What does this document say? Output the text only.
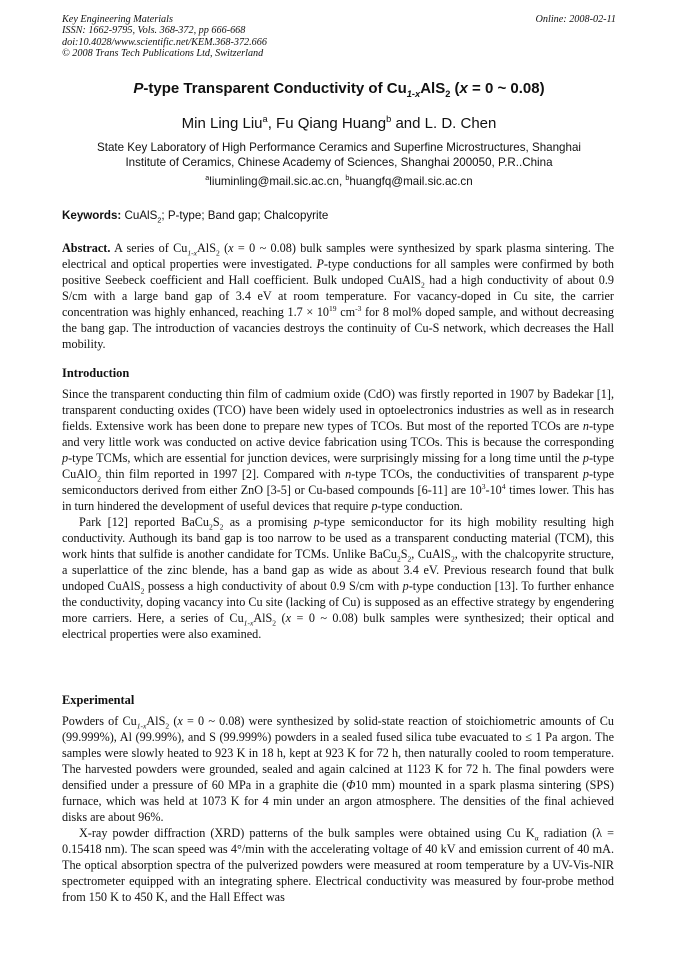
Key Engineering Materials
ISSN: 1662-9795, Vols. 368-372, pp 666-668
doi:10.4028/www.scientific.net/KEM.368-372.666
© 2008 Trans Tech Publications Ltd, Switzerland
Online: 2008-02-11
P-type Transparent Conductivity of $Cu_{1-x}AlS_2$ (x = 0 ~ 0.08)
Min Ling Liu$^a$, Fu Qiang Huang$^b$ and L. D. Chen
State Key Laboratory of High Performance Ceramics and Superfine Microstructures, Shanghai
Institute of Ceramics, Chinese Academy of Sciences, Shanghai 200050, P.R..China
$^a$liuminling@mail.sic.ac.cn, $^b$huangfq@mail.sic.ac.cn
Keywords: CuAlS$_2$; P-type; Band gap; Chalcopyrite

Abstract. A series of $Cu_{1-x}AlS_2$ (x = 0 ~ 0.08) bulk samples were synthesized by spark plasma sintering. The electrical and optical properties were investigated. P-type conductions for all samples were confirmed by both positive Seebeck coefficient and Hall coefficient. Bulk undoped CuAlS$_2$ had a high conductivity of about 0.9 S/cm with a large band gap of 3.4 eV at room temperature. For vacancy-doped in Cu site, the carrier concentration was highly enhanced, reaching $1.7 \times 10^{19}$ $cm^{-3}$ for 8 mol% doped sample, and without decreasing the bang gap. The introduction of vacancies destroys the continuity of Cu-S network, which decreases the Hall mobility.

Introduction

Since the transparent conducting thin film of cadmium oxide (CdO) was firstly reported in 1907 by Badekar [1], transparent conducting oxides (TCO) have been widely used in optoelectronics industries as well as in research fields. Extensive work has been done to prepare new types of TCOs. But most of the reported TCOs are n-type and very little work was conducted on active device fabrication using TCOs. This is because the corresponding p-type TCMs, which are essential for junction devices, were surprisingly missing for a long time until the p-type CuAlO$_2$ thin film reported in 1997 [2]. Compared with n-type TCOs, the conductivities of transparent p-type semiconductors derived from either ZnO [3-5] or Cu-based compounds [6-11] are $10^3-10^4$ times lower. This has in turn hindered the development of useful devices that require p-type conduction.

Park [12] reported $BaCu_2S_2$ as a promising p-type semiconductor for its high mobility resulting high conductivity. Authough its band gap is too narrow to be used as a transparent conducting material (TCM), this work hints that sulfide is another candidate for TCMs. Unlike $BaCu_2S_2$, CuAlS$_2$, with the chalcopyrite structure, a superlattice of the zinc blende, has a band gap as wide as about 3.4 eV. Previous research found that bulk undoped CuAlS$_2$ possess a high conductivity of about 0.9 S/cm with p-type conduction [13]. To further enhance the conductivity, doping vacancy into Cu site (lacking of Cu) is supposed as an effective strategy by engendering more carriers. Here, a series of $Cu_{1-x}AlS_2$ (x = 0 ~ 0.08) bulk samples were synthesized; their optical and electrical properties were also examined.

Experimental

Powders of $Cu_{1-x}AlS_2$ (x = 0 ~ 0.08) were synthesized by solid-state reaction of stoichiometric amounts of Cu (99.999%), Al (99.99%), and S (99.999%) powders in a sealed fused silica tube evacuated to ≤ 1 Pa argon. The samples were slowly heated to 923 K in 18 h, kept at 923 K for 72 h, then naturally cooled to room temperature. The harvested powders were grounded, sealed and again calcined at 1123 K for 72 h. The final powders were densified under a pressure of 60 MPa in a graphite die (Φ10 mm) mounted in a spark plasma sintering (SPS) furnace, which was held at 1073 K for 4 min under an argon atmosphere. The densities of the final achieved disks are about 96%.

X-ray powder diffraction (XRD) patterns of the bulk samples were obtained using Cu $K_\alpha$ radiation (λ = 0.15418 nm). The scan speed was 4°/min with the accelerating voltage of 40 kV and emission current of 40 mA. The optical absorption spectra of the pulverized powders were measured at room temperature by a UV-Vis-NIR spectrometer equipped with an integrating sphere. Electrical conductivity was measured by four-probe method from 150 K to 450 K, and the Hall Effect was
